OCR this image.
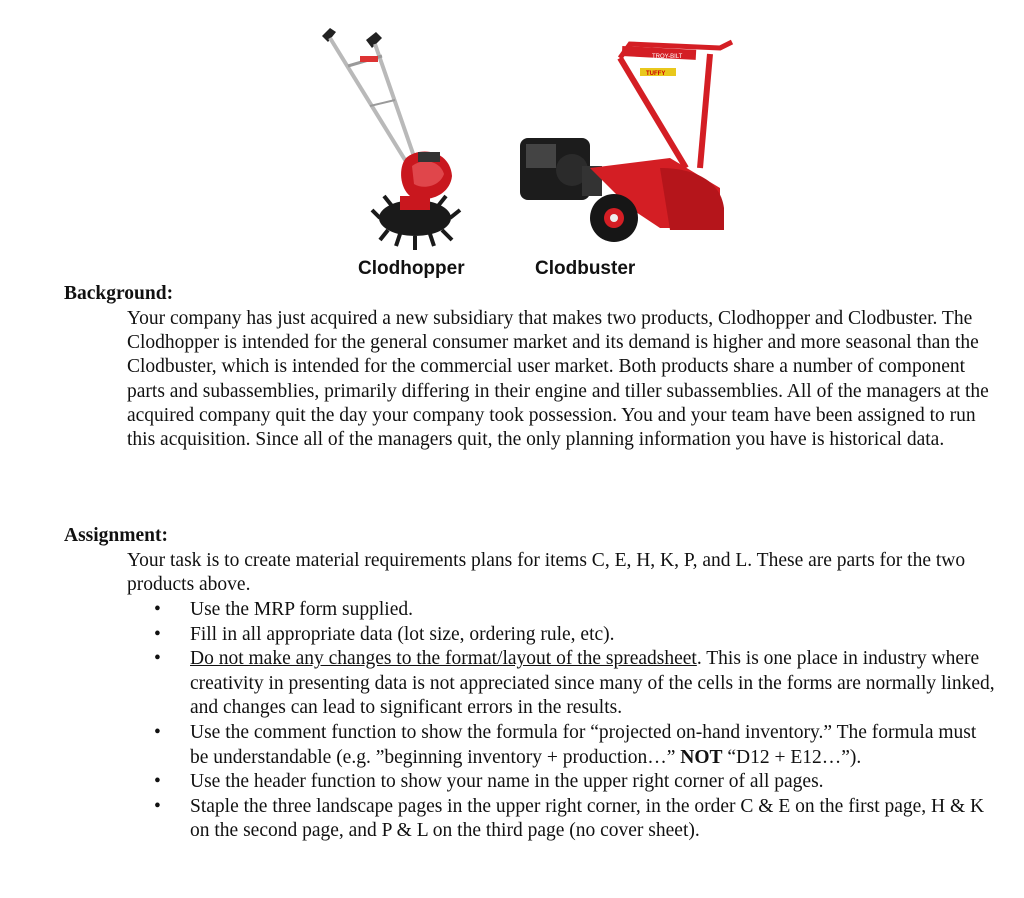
TROY-BILT
TUFFY
Clodhopper	Clodbuster
Background:

Your company has just acquired a new subsidiary that makes two products, Clodhopper and Clodbuster. The Clodhopper is intended for the general consumer market and its demand is higher and more seasonal than the Clodbuster, which is intended for the commercial user market. Both products share a number of component parts and subassemblies, primarily differing in their engine and tiller subassemblies. All of the managers at the acquired company quit the day your company took possession. You and your team have been assigned to run this acquisition. Since all of the managers quit, the only planning information you have is historical data.

Assignment:

Your task is to create material requirements plans for items C, E, H, K, P, and L. These are parts for the two products above.

• Use the MRP form supplied.
• Fill in all appropriate data (lot size, ordering rule, etc).
• Do not make any changes to the format/layout of the spreadsheet. This is one place in industry where creativity in presenting data is not appreciated since many of the cells in the forms are normally linked, and changes can lead to significant errors in the results.
• Use the comment function to show the formula for “projected on-hand inventory.” The formula must be understandable (e.g. ”beginning inventory + production…” NOT “D12 + E12…”).
• Use the header function to show your name in the upper right corner of all pages.
• Staple the three landscape pages in the upper right corner, in the order C & E on the first page, H & K on the second page, and P & L on the third page (no cover sheet).
